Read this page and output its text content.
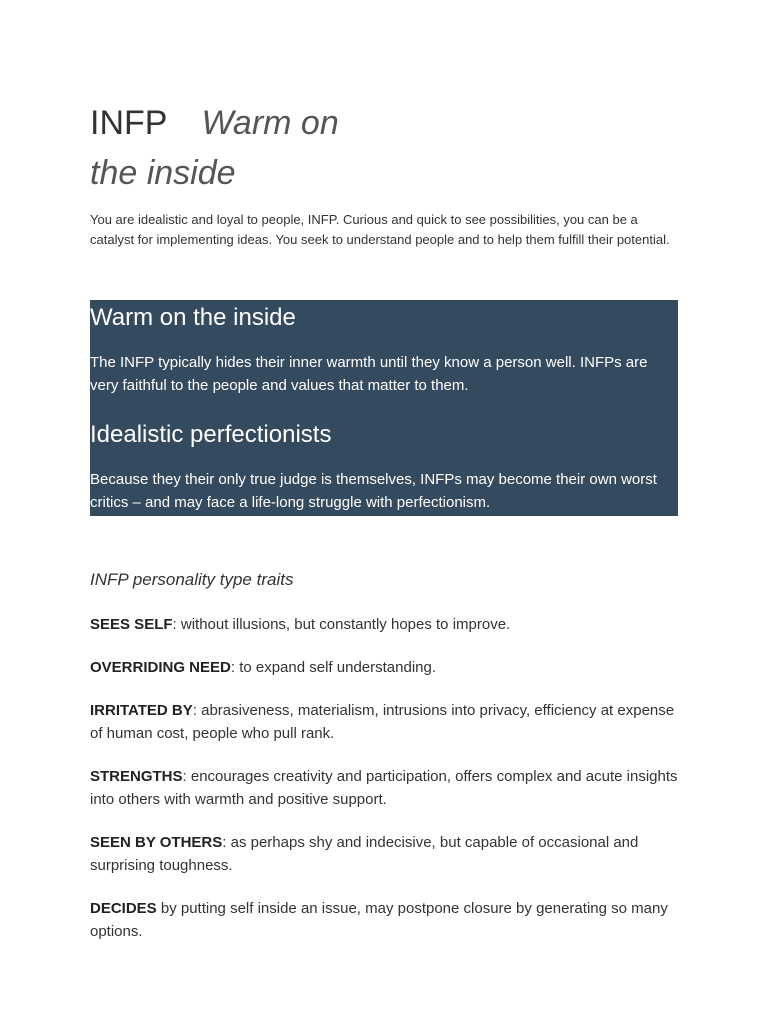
INFP Warm on the inside

You are idealistic and loyal to people, INFP. Curious and quick to see possibilities, you can be a catalyst for implementing ideas. You seek to understand people and to help them fulfill their potential.

Warm on the inside

The INFP typically hides their inner warmth until they know a person well. INFPs are very faithful to the people and values that matter to them.

Idealistic perfectionists

Because they their only true judge is themselves, INFPs may become their own worst critics – and may face a life-long struggle with perfectionism.

INFP personality type traits

SEES SELF: without illusions, but constantly hopes to improve.

OVERRIDING NEED: to expand self understanding.

IRRITATED BY: abrasiveness, materialism, intrusions into privacy, efficiency at expense of human cost, people who pull rank.

STRENGTHS: encourages creativity and participation, offers complex and acute insights into others with warmth and positive support.

SEEN BY OTHERS: as perhaps shy and indecisive, but capable of occasional and surprising toughness.

DECIDES by putting self inside an issue, may postpone closure by generating so many options.
